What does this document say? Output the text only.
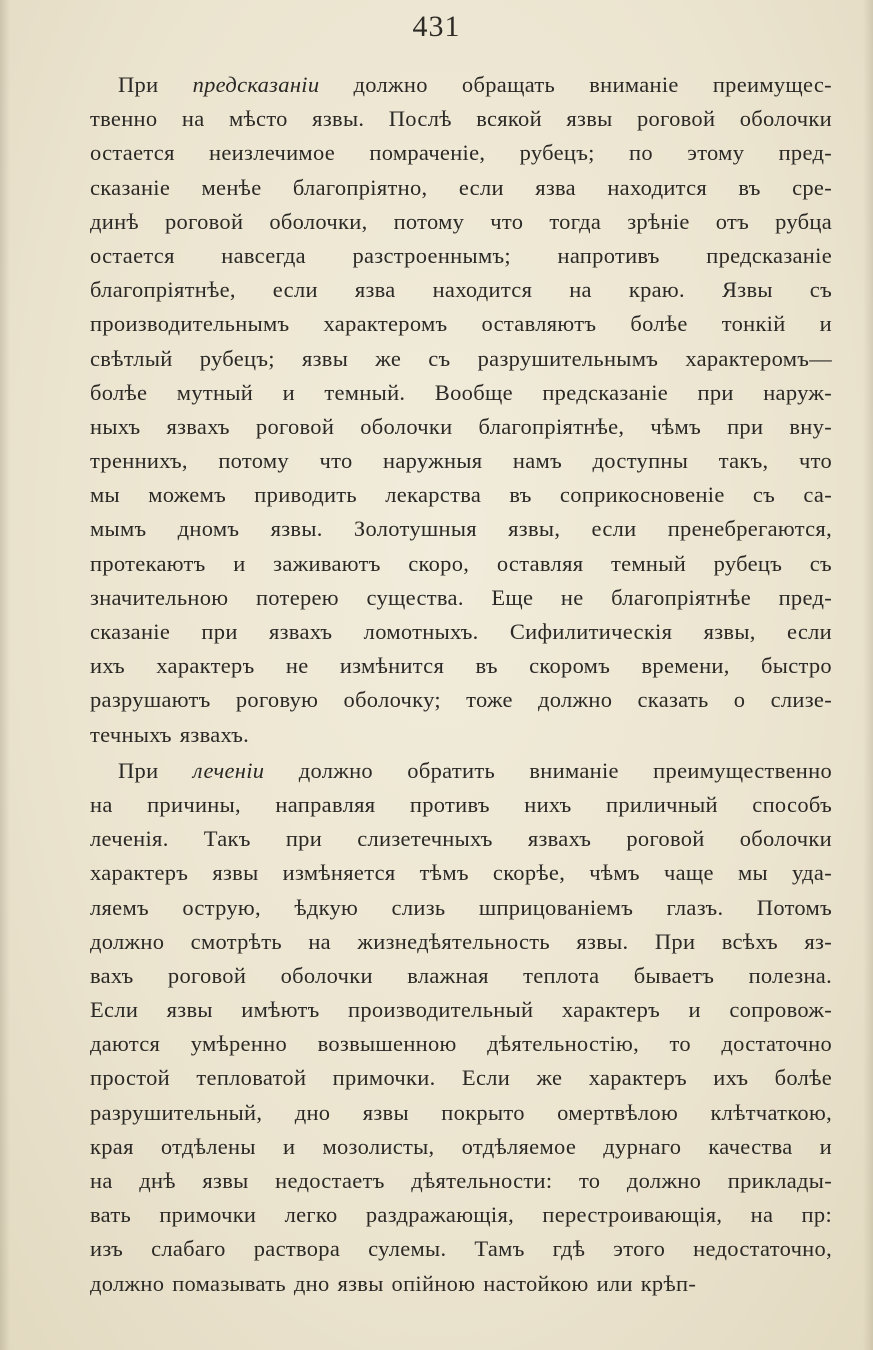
431
При предсказаніи должно обращать вниманіе преимущес-
твенно на мѣсто язвы. Послѣ всякой язвы роговой оболочки
остается неизлечимое помраченіе, рубецъ; по этому пред-
сказаніе менѣе благопріятно, если язва находится въ сре-
динѣ роговой оболочки, потому что тогда зрѣніе отъ рубца
остается навсегда разстроеннымъ; напротивъ предсказаніе
благопріятнѣе, если язва находится на краю. Язвы съ
производительнымъ характеромъ оставляютъ болѣе тонкій и
свѣтлый рубецъ; язвы же съ разрушительнымъ характеромъ—
болѣе мутный и темный. Вообще предсказаніе при наруж-
ныхъ язвахъ роговой оболочки благопріятнѣе, чѣмъ при вну-
треннихъ, потому что наружныя намъ доступны такъ, что
мы можемъ приводить лекарства въ соприкосновеніе съ са-
мымъ дномъ язвы. Золотушныя язвы, если пренебрегаются,
протекаютъ и заживаютъ скоро, оставляя темный рубецъ съ
значительною потерею существа. Еще не благопріятнѣе пред-
сказаніе при язвахъ ломотныхъ. Сифилитическія язвы, если
ихъ характеръ не измѣнится въ скоромъ времени, быстро
разрушаютъ роговую оболочку; тоже должно сказать о слизе-
течныхъ язвахъ.
При леченіи должно обратить вниманіе преимущественно
на причины, направляя противъ нихъ приличный способъ
леченія. Такъ при слизетечныхъ язвахъ роговой оболочки
характеръ язвы измѣняется тѣмъ скорѣе, чѣмъ чаще мы уда-
ляемъ острую, ѣдкую слизь шприцованіемъ глазъ. Потомъ
должно смотрѣть на жизнедѣятельность язвы. При всѣхъ яз-
вахъ роговой оболочки влажная теплота бываетъ полезна.
Если язвы имѣютъ производительный характеръ и сопровож-
даются умѣренно возвышенною дѣятельностію, то достаточно
простой тепловатой примочки. Если же характеръ ихъ болѣе
разрушительный, дно язвы покрыто омертвѣлою клѣтчаткою,
края отдѣлены и мозолисты, отдѣляемое дурнаго качества и
на днѣ язвы недостаетъ дѣятельности: то должно приклады-
вать примочки легко раздражающія, перестроивающія, на пр:
изъ слабаго раствора сулемы. Тамъ гдѣ этого недостаточно,
должно помазывать дно язвы опійною настойкою или крѣп-
